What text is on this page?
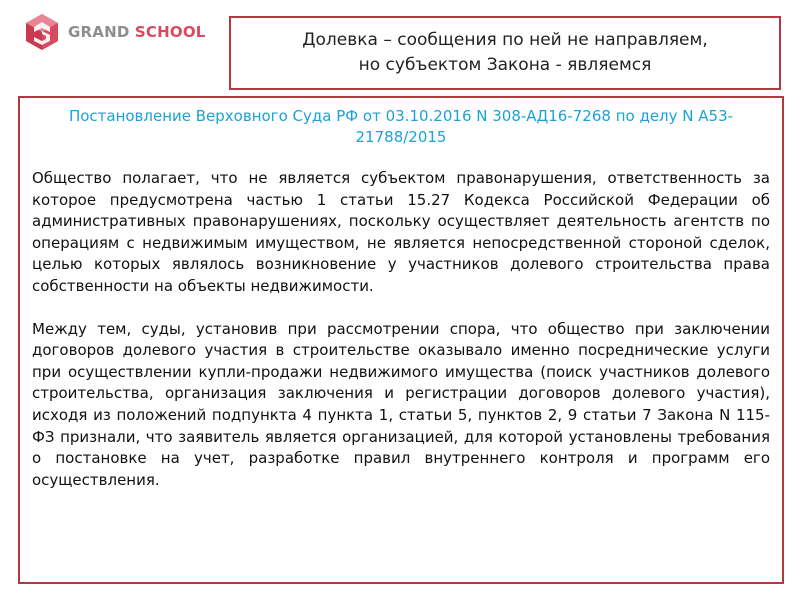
GRAND SCHOOL	Долевка – сообщения по ней не направляем,
но субъектом Закона - являемся

Постановление Верховного Суда РФ от 03.10.2016 N 308-АД16-7268 по делу N А53-21788/2015

Общество полагает, что не является субъектом правонарушения, ответственность за которое предусмотрена частью 1 статьи 15.27 Кодекса Российской Федерации об административных правонарушениях, поскольку осуществляет деятельность агентств по операциям с недвижимым имуществом, не является непосредственной стороной сделок, целью которых являлось возникновение у участников долевого строительства права собственности на объекты недвижимости.

Между тем, суды, установив при рассмотрении спора, что общество при заключении договоров долевого участия в строительстве оказывало именно посреднические услуги при осуществлении купли-продажи недвижимого имущества (поиск участников долевого строительства, организация заключения и регистрации договоров долевого участия), исходя из положений подпункта 4 пункта 1, статьи 5, пунктов 2, 9 статьи 7 Закона N 115-ФЗ признали, что заявитель является организацией, для которой установлены требования о постановке на учет, разработке правил внутреннего контроля и программ его осуществления.
